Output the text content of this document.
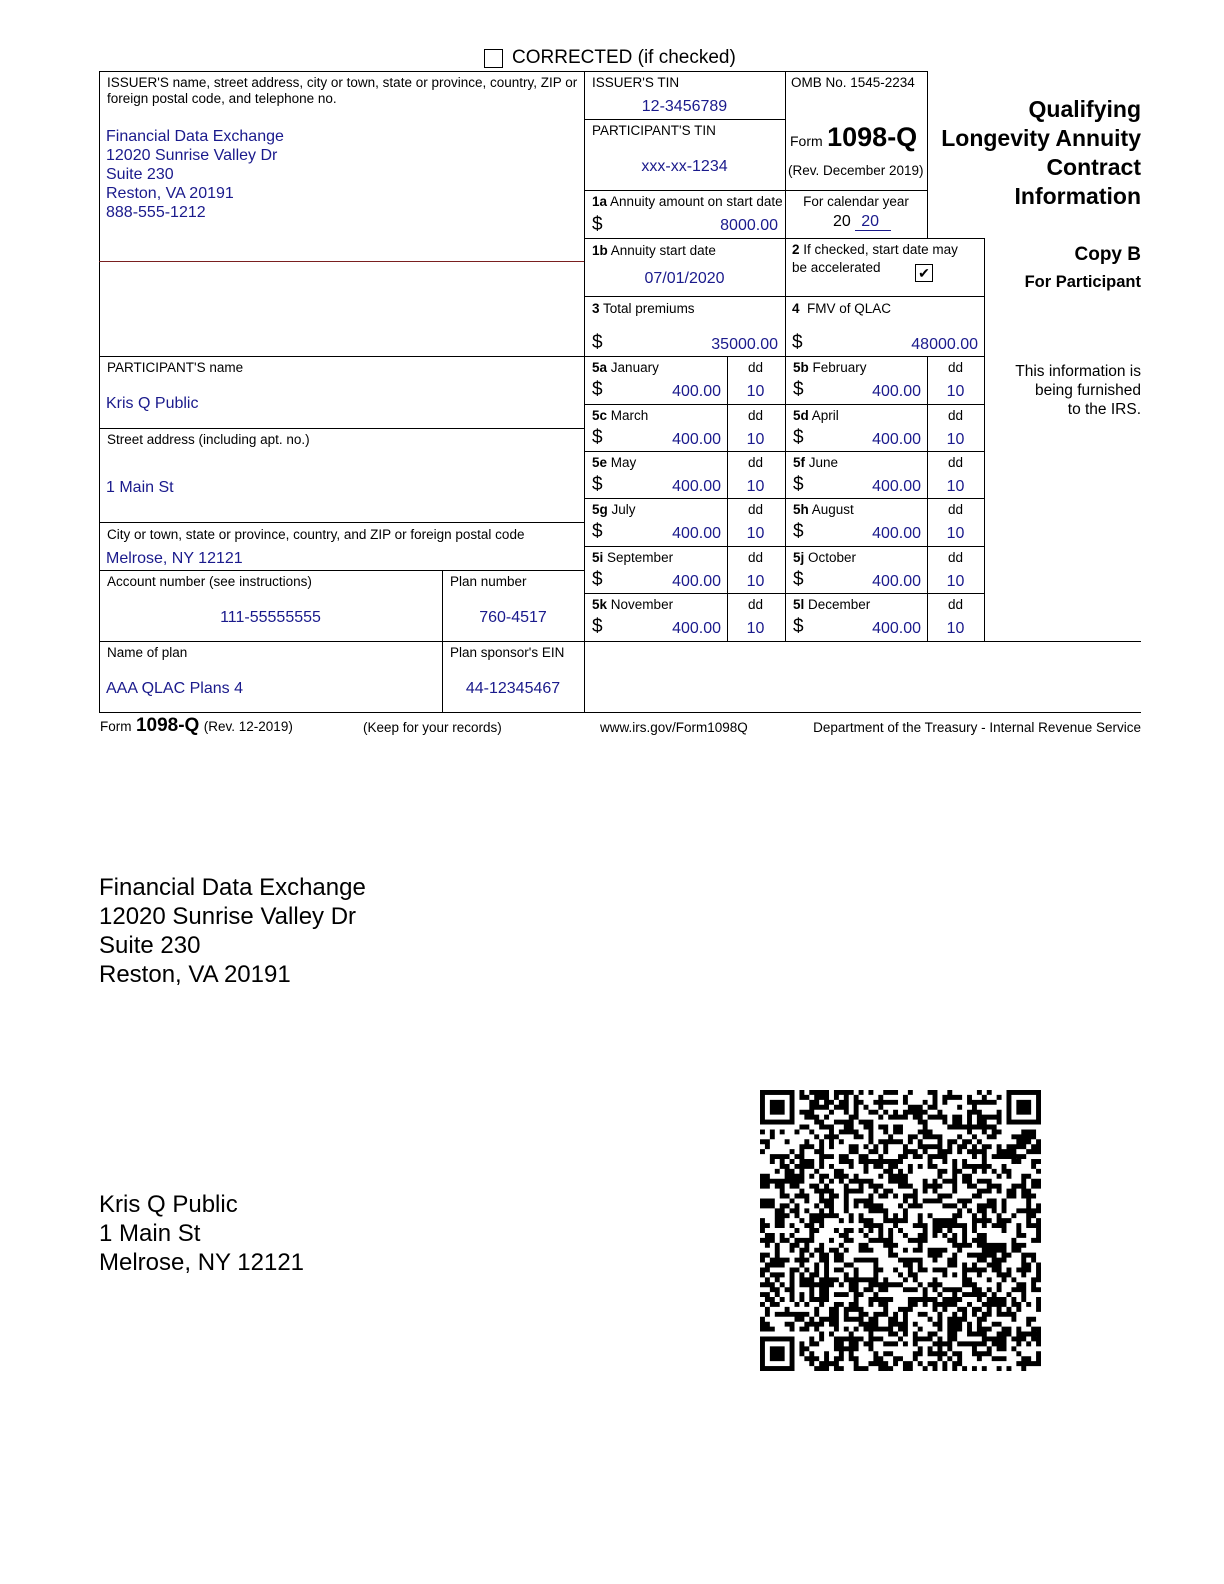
CORRECTED (if checked)
ISSUER'S name, street address, city or town, state or province, country, ZIP or foreign postal code, and telephone no.
Financial Data Exchange
12020 Sunrise Valley Dr
Suite 230
Reston, VA 20191
888-555-1212
ISSUER'S TIN
12-3456789
PARTICIPANT'S TIN
xxx-xx-1234
OMB No. 1545-2234
Form 1098-Q
(Rev. December 2019)
Qualifying
Longevity Annuity
Contract
Information
1a Annuity amount on start date
$	8000.00
For calendar year
20 20
1b Annuity start date
07/01/2020
2 If checked, start date may
be accelerated	✔
Copy B
For Participant
3 Total premiums
$	35000.00
4 FMV of QLAC
$	48000.00
This information is
being furnished
to the IRS.
PARTICIPANT'S name
Kris Q Public
Street address (including apt. no.)
1 Main St
City or town, state or province, country, and ZIP or foreign postal code
Melrose, NY 12121
Account number (see instructions)
111-55555555
Plan number
760-4517
Name of plan
AAA QLAC Plans 4
Plan sponsor's EIN
44-12345467
5a January
$	400.00
dd
10
5b February
$	400.00
dd
10
5c March
$	400.00
dd
10
5d April
$	400.00
dd
10
5e May
$	400.00
dd
10
5f June
$	400.00
dd
10
5g July
$	400.00
dd
10
5h August
$	400.00
dd
10
5i September
$	400.00
dd
10
5j October
$	400.00
dd
10
5k November
$	400.00
dd
10
5l December
$	400.00
dd
10
Form 1098-Q (Rev. 12-2019)	(Keep for your records)	www.irs.gov/Form1098Q	Department of the Treasury - Internal Revenue Service
Financial Data Exchange
12020 Sunrise Valley Dr
Suite 230
Reston, VA 20191
Kris Q Public
1 Main St
Melrose, NY 12121
